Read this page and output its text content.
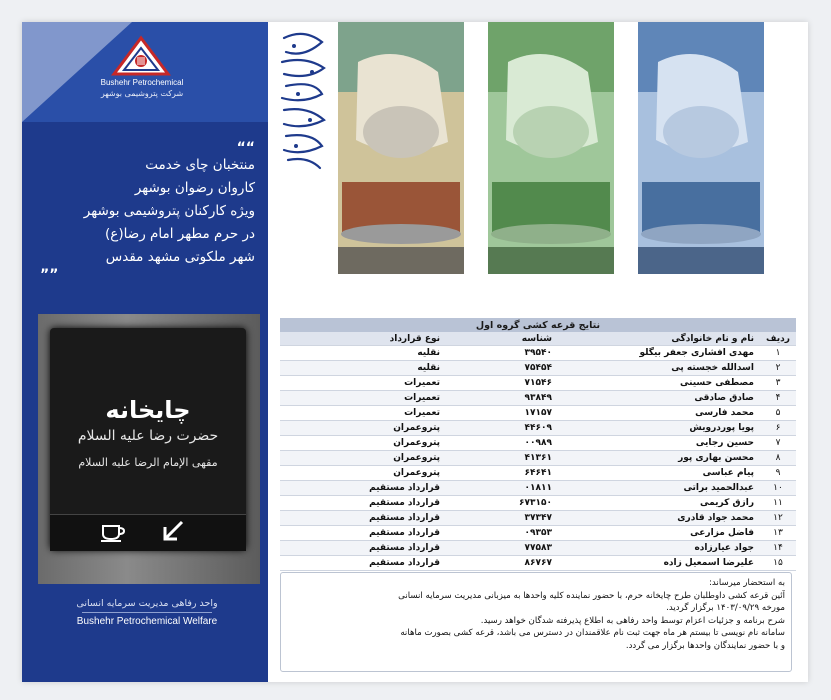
Bushehr Petrochemical
شرکت پتروشیمی بوشهر
““
منتخبان چای خدمت
کاروان رضوان بوشهر
ویژه کارکنان پتروشیمی بوشهر
در حرم مطهر امام رضا(ع)
شهر ملکوتی مشهد مقدس
””
چایخانه
حضرت رضا عليه السلام
مقهى الإمام الرضا عليه السلام
واحد رفاهی مدیریت سرمایه انسانی
Bushehr Petrochemical Welfare
نتایج قرعه کشی گروه اول			
ردیف	نام و نام خانوادگی	شناسه	نوع قرارداد
۱	مهدی افشاری جعفر بیگلو	۳۹۵۴۰	نقلیه
۲	اسدالله خجسته پی	۷۵۴۵۴	نقلیه
۳	مصطفی حسینی	۷۱۵۴۶	تعمیرات
۴	صادق صادقی	۹۳۸۴۹	تعمیرات
۵	محمد فارسی	۱۷۱۵۷	تعمیرات
۶	پویا پوردرویش	۴۴۶۰۹	پتروعمران
۷	حسین رجایی	۰۰۹۸۹	پتروعمران
۸	محسن بهاری پور	۴۱۳۶۱	پتروعمران
۹	پیام عباسی	۶۴۶۴۱	پتروعمران
۱۰	عبدالحمید براتی	۰۱۸۱۱	قرارداد مستقیم
۱۱	رازق کریمی	۶۷۳۱۵۰	قرارداد مستقیم
۱۲	محمد جواد قادری	۳۷۳۴۷	قرارداد مستقیم
۱۳	فاضل مزارعی	۰۹۳۵۳	قرارداد مستقیم
۱۴	جواد عیارزاده	۷۷۵۸۳	قرارداد مستقیم
۱۵	علیرضا اسمعیل زاده	۸۶۷۶۷	قرارداد مستقیم
به استحضار میرساند:
آئین قرعه کشی داوطلبان طرح چایخانه حرم، با حضور نماینده کلیه واحدها به میزبانی مدیریت سرمایه انسانی
مورخه ۱۴۰۳/۰۹/۲۹ برگزار گردید.
شرح برنامه و جزئیات اعزام توسط واحد رفاهی به اطلاع پذیرفته شدگان خواهد رسید.
سامانه نام نویسی تا بیستم هر ماه جهت ثبت نام علاقمندان در دسترس می باشد، قرعه کشی بصورت ماهانه
و با حضور نمایندگان واحدها برگزار می گردد.
